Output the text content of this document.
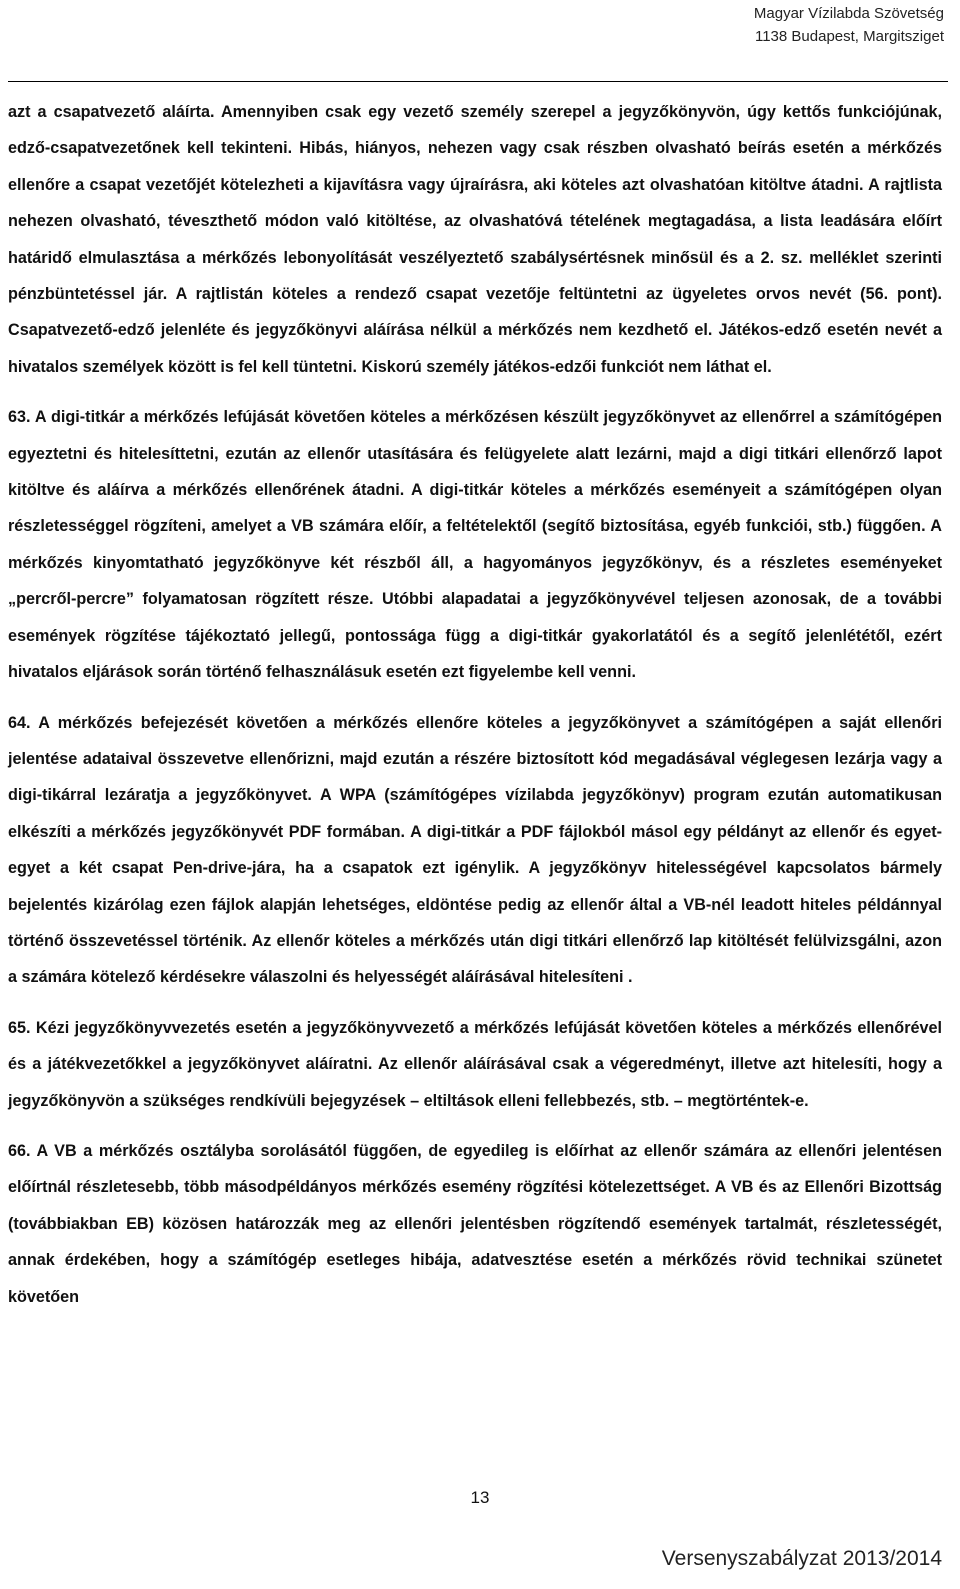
Magyar Vízilabda Szövetség
1138 Budapest, Margitsziget

azt a csapatvezető aláírta. Amennyiben csak egy vezető személy szerepel a jegyzőkönyvön, úgy kettős funkciójúnak, edző-csapatvezetőnek kell tekinteni. Hibás, hiányos, nehezen vagy csak részben olvasható beírás esetén a mérkőzés ellenőre a csapat vezetőjét kötelezheti a kijavításra vagy újraírásra, aki köteles azt olvashatóan kitöltve átadni. A rajtlista nehezen olvasható, téveszthető módon való kitöltése, az olvashatóvá tételének megtagadása, a lista leadására előírt határidő elmulasztása a mérkőzés lebonyolítását veszélyeztető szabálysértésnek minősül és a 2. sz. melléklet szerinti pénzbüntetéssel jár. A rajtlistán köteles a rendező csapat vezetője feltüntetni az ügyeletes orvos nevét (56. pont). Csapatvezető-edző jelenléte és jegyzőkönyvi aláírása nélkül a mérkőzés nem kezdhető el. Játékos-edző esetén nevét a hivatalos személyek között is fel kell tüntetni. Kiskorú személy játékos-edzői funkciót nem láthat el.

63. A digi-titkár a mérkőzés lefújását követően köteles a mérkőzésen készült jegyzőkönyvet az ellenőrrel a számítógépen egyeztetni és hitelesíttetni, ezután az ellenőr utasítására és felügyelete alatt lezárni, majd a digi titkári ellenőrző lapot kitöltve és aláírva a mérkőzés ellenőrének átadni. A digi-titkár köteles a mérkőzés eseményeit a számítógépen olyan részletességgel rögzíteni, amelyet a VB számára előír, a feltételektől (segítő biztosítása, egyéb funkciói, stb.) függően. A mérkőzés kinyomtatható jegyzőkönyve két részből áll, a hagyományos jegyzőkönyv, és a részletes eseményeket „percről-percre” folyamatosan rögzített része. Utóbbi alapadatai a jegyzőkönyvével teljesen azonosak, de a további események rögzítése tájékoztató jellegű, pontossága függ a digi-titkár gyakorlatától és a segítő jelenlététől, ezért hivatalos eljárások során történő felhasználásuk esetén ezt figyelembe kell venni.

64. A mérkőzés befejezését követően a mérkőzés ellenőre köteles a jegyzőkönyvet a számítógépen a saját ellenőri jelentése adataival összevetve ellenőrizni, majd ezután a részére biztosított kód megadásával véglegesen lezárja vagy a digi-tikárral lezáratja a jegyzőkönyvet. A WPA (számítógépes vízilabda jegyzőkönyv) program ezután automatikusan elkészíti a mérkőzés jegyzőkönyvét PDF formában. A digi-titkár a PDF fájlokból másol egy példányt az ellenőr és egyet-egyet a két csapat Pen-drive-jára, ha a csapatok ezt igénylik. A jegyzőkönyv hitelességével kapcsolatos bármely bejelentés kizárólag ezen fájlok alapján lehetséges, eldöntése pedig az ellenőr által a VB-nél leadott hiteles példánnyal történő összevetéssel történik. Az ellenőr köteles a mérkőzés után digi titkári ellenőrző lap kitöltését felülvizsgálni, azon a számára kötelező kérdésekre válaszolni és helyességét aláírásával hitelesíteni .

65. Kézi jegyzőkönyvvezetés esetén a jegyzőkönyvvezető a mérkőzés lefújását követően köteles a mérkőzés ellenőrével és a játékvezetőkkel a jegyzőkönyvet aláíratni. Az ellenőr aláírásával csak a végeredményt, illetve azt hitelesíti, hogy a jegyzőkönyvön a szükséges rendkívüli bejegyzések – eltiltások elleni fellebbezés, stb. – megtörténtek-e.

66. A VB a mérkőzés osztályba sorolásától függően, de egyedileg is előírhat az ellenőr számára az ellenőri jelentésen előírtnál részletesebb, több másodpéldányos mérkőzés esemény rögzítési kötelezettséget. A VB és az Ellenőri Bizottság (továbbiakban EB) közösen határozzák meg az ellenőri jelentésben rögzítendő események tartalmát, részletességét, annak érdekében, hogy a számítógép esetleges hibája, adatvesztése esetén a mérkőzés rövid technikai szünetet követően

13
Versenyszabályzat 2013/2014
